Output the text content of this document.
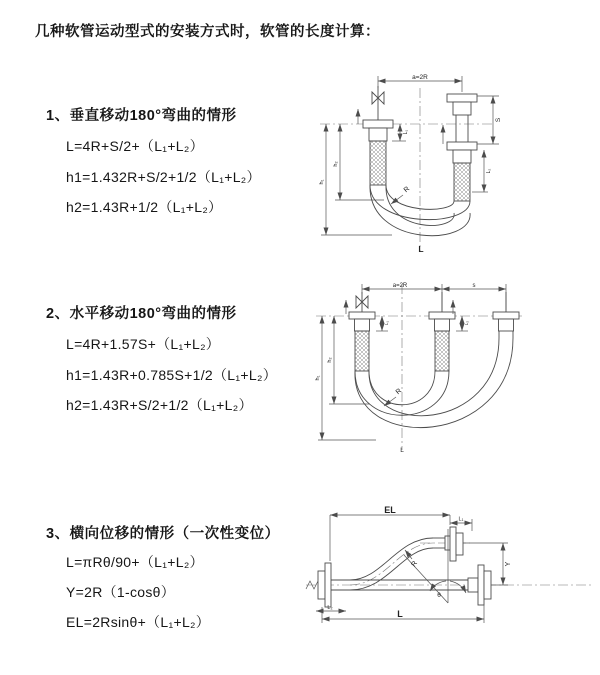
几种软管运动型式的安装方式时，软管的长度计算：
1、垂直移动180°弯曲的情形
L=4R+S/2+（L₁+L₂）
h1=1.432R+S/2+1/2（L₁+L₂）
h2=1.43R+1/2（L₁+L₂）
2、水平移动180°弯曲的情形
L=4R+1.57S+（L₁+L₂）
h1=1.43R+0.785S+1/2（L₁+L₂）
h2=1.43R+S/2+1/2（L₁+L₂）
3、横向位移的情形（一次性变位）
L=πRθ/90+（L₁+L₂）
Y=2R（1-cosθ）
EL=2Rsinθ+（L₁+L₂）
a=2R
S
L₂
L₁
h₂
h₁
R
L
a=2R	s
L₁	L₂
h₂
h₁
R
L
EL
L₁
Y
θ
R
L₂
L
